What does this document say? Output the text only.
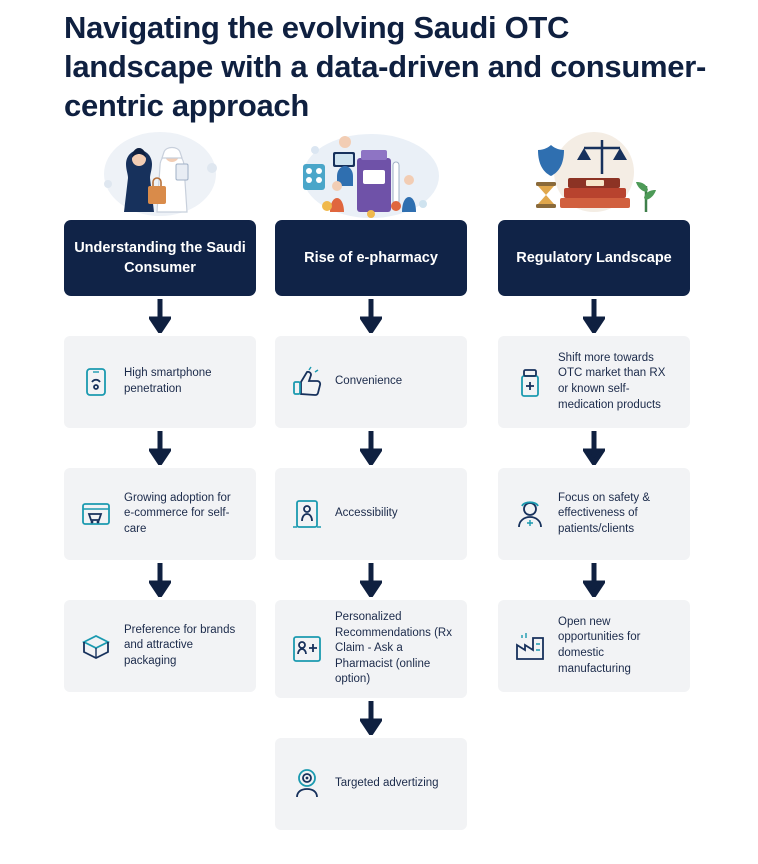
Navigating the evolving Saudi OTC landscape with a data-driven and consumer-centric approach
Understanding the Saudi Consumer
High smartphone penetration
Growing adoption for e-commerce for self-care
Preference for brands and attractive packaging
Rise of e-pharmacy
Convenience
Accessibility
Personalized Recommendations (Rx Claim - Ask a Pharmacist (online option)
Targeted advertizing
Regulatory Landscape
Shift more towards OTC market than RX or known self-medication products
Focus on safety & effectiveness of patients/clients
Open new opportunities for domestic manufacturing
